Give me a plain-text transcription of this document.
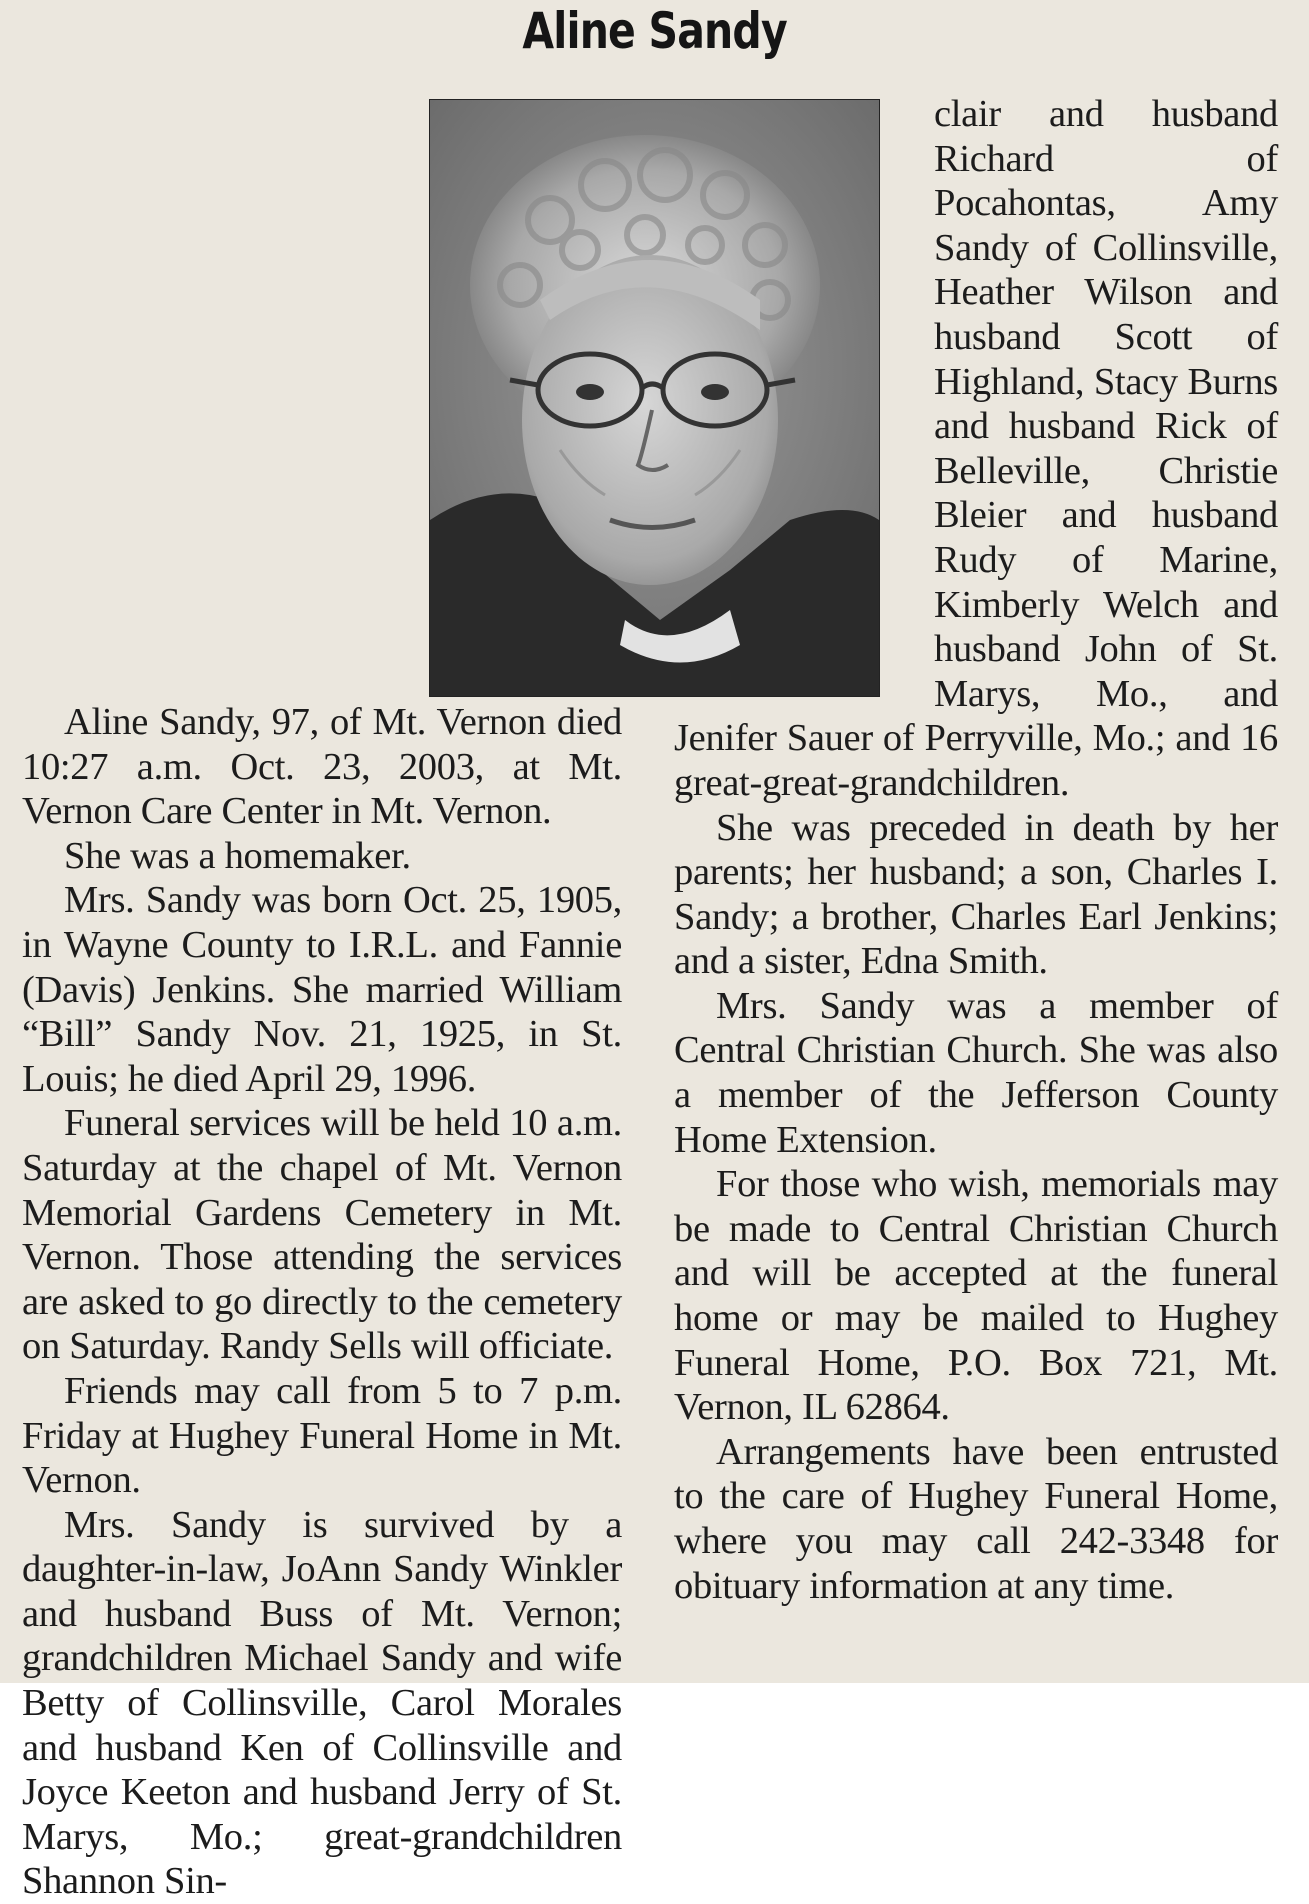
Aline Sandy

Aline Sandy, 97, of Mt. Vernon died 10:27 a.m. Oct. 23, 2003, at Mt. Vernon Care Center in Mt. Vernon.

She was a homemaker.

Mrs. Sandy was born Oct. 25, 1905, in Wayne County to I.R.L. and Fannie (Davis) Jenkins. She married William “Bill” Sandy Nov. 21, 1925, in St. Louis; he died April 29, 1996.

Funeral services will be held 10 a.m. Saturday at the chapel of Mt. Vernon Memorial Gardens Cemetery in Mt. Vernon. Those attending the services are asked to go directly to the cemetery on Saturday. Randy Sells will officiate.

Friends may call from 5 to 7 p.m. Friday at Hughey Funeral Home in Mt. Vernon.

Mrs. Sandy is survived by a daughter-in-law, JoAnn Sandy Winkler and husband Buss of Mt. Vernon; grandchildren Michael Sandy and wife Betty of Collinsville, Carol Morales and husband Ken of Collinsville and Joyce Keeton and husband Jerry of St. Marys, Mo.; great-grandchildren Shannon Sin-

clair and husband Richard of Pocahontas, Amy Sandy of Collinsville, Heather Wilson and husband Scott of Highland, Stacy Burns and husband Rick of Belleville, Christie Bleier and husband Rudy of Marine, Kimberly Welch and husband John of St. Marys, Mo., and Jenifer Sauer of Perryville, Mo.; and 16 great-great-grandchildren.

She was preceded in death by her parents; her husband; a son, Charles I. Sandy; a brother, Charles Earl Jenkins; and a sister, Edna Smith.

Mrs. Sandy was a member of Central Christian Church. She was also a member of the Jefferson County Home Extension.

For those who wish, memorials may be made to Central Christian Church and will be accepted at the funeral home or may be mailed to Hughey Funeral Home, P.O. Box 721, Mt. Vernon, IL 62864.

Arrangements have been entrusted to the care of Hughey Funeral Home, where you may call 242-3348 for obituary information at any time.
